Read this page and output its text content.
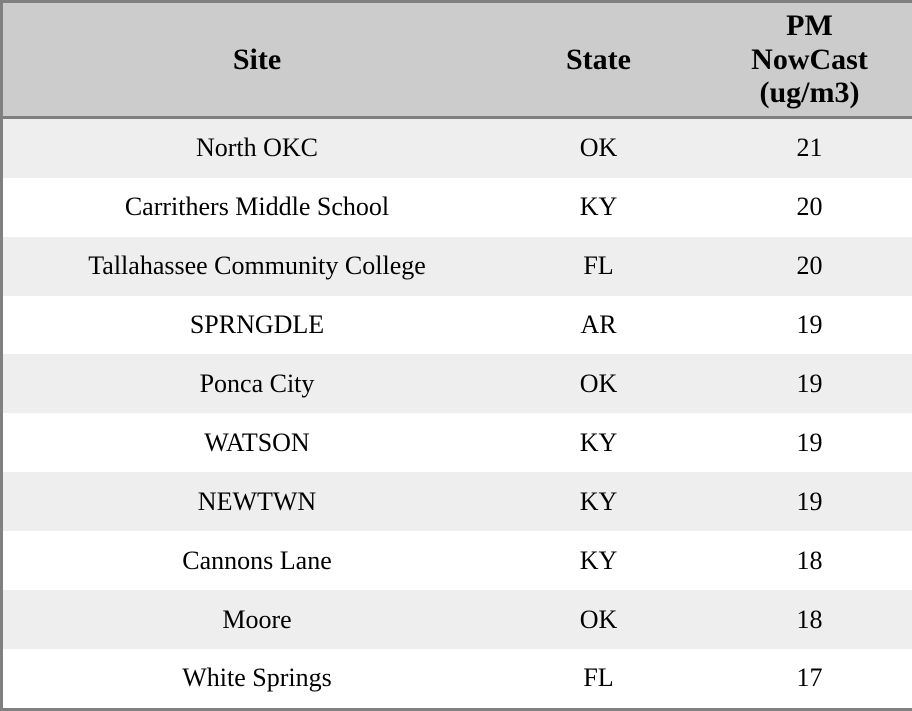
Site	State	PM
NowCast
(ug/m3)

North OKC	OK	21
Carrithers Middle School	KY	20
Tallahassee Community College	FL	20
SPRNGDLE	AR	19
Ponca City	OK	19
WATSON	KY	19
NEWTWN	KY	19
Cannons Lane	KY	18
Moore	OK	18
White Springs	FL	17
